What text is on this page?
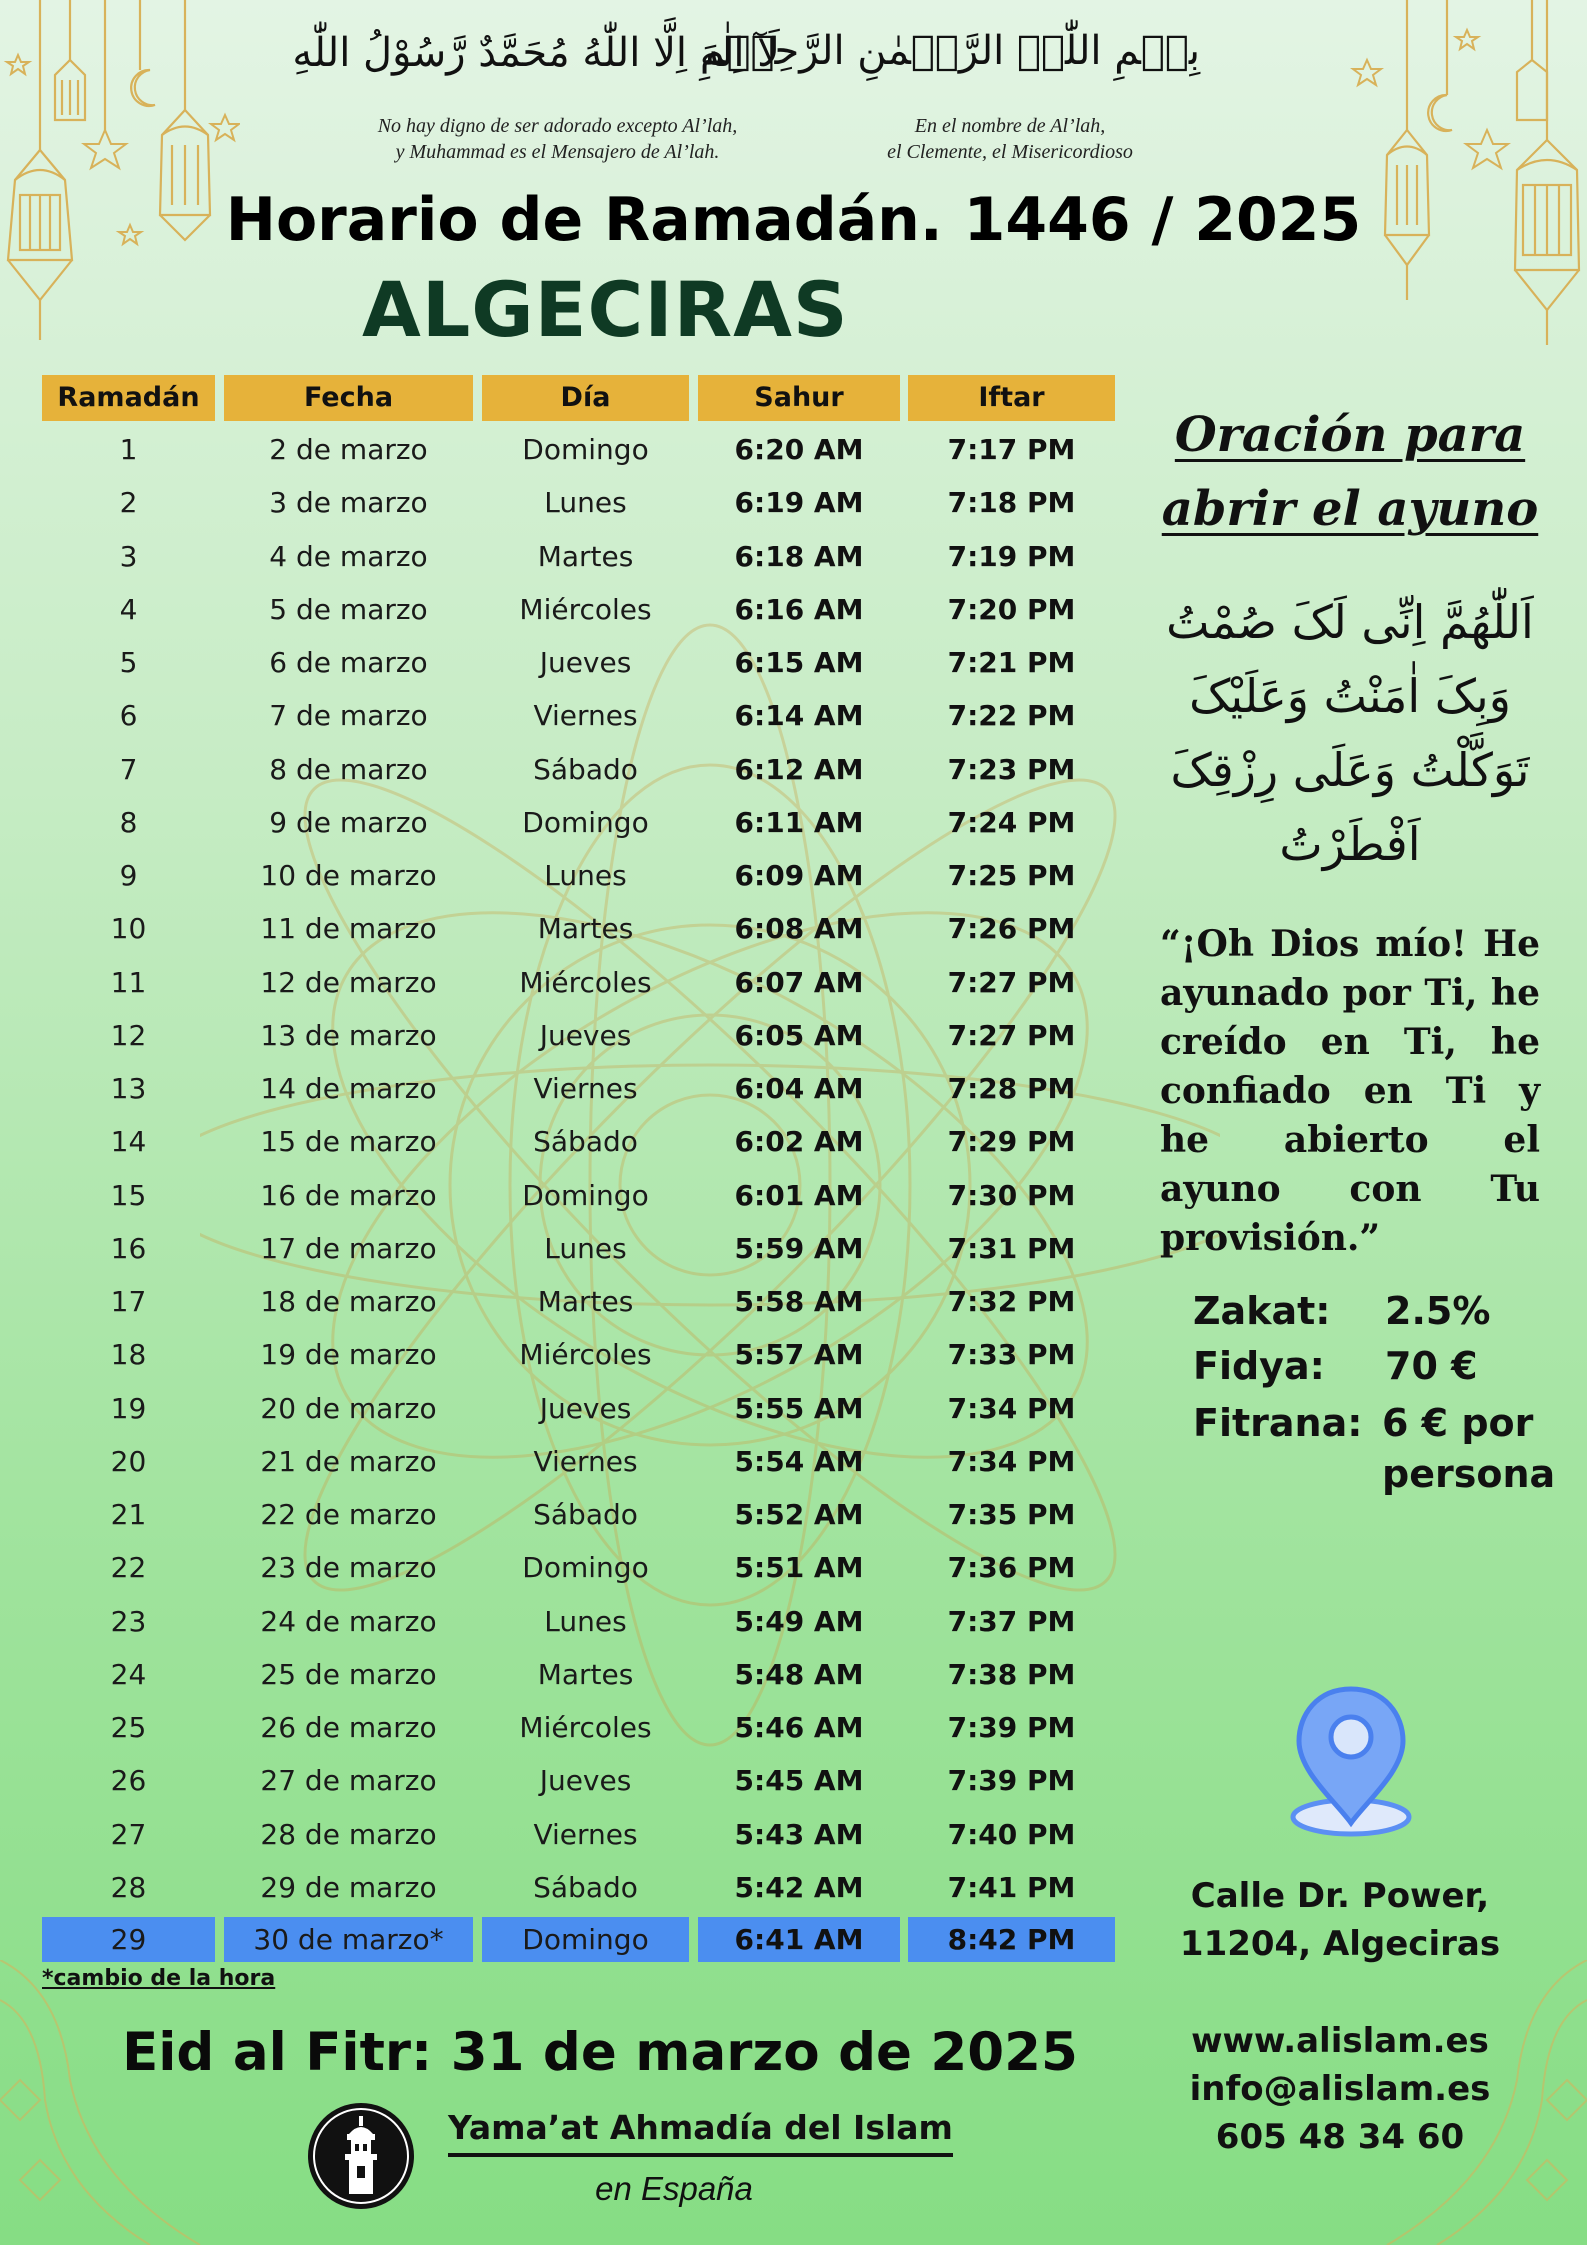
لَآ اِلٰهَ اِلَّا اللّٰهُ مُحَمَّدٌ رَّسُوْلُ اللّٰهِ
No hay digno de ser adorado excepto Al’lah,
y Muhammad es el Mensajero de Al’lah.
بِسۡمِ اللّٰہِ الرَّحۡمٰنِ الرَّحِیۡمِ
En el nombre de Al’lah,
el Clemente, el Misericordioso
Horario de Ramadán. 1446 / 2025
ALGECIRAS
Ramadán	Fecha	Día	Sahur	Iftar
1	2 de marzo	Domingo	6:20 AM	7:17 PM
2	3 de marzo	Lunes	6:19 AM	7:18 PM
3	4 de marzo	Martes	6:18 AM	7:19 PM
4	5 de marzo	Miércoles	6:16 AM	7:20 PM
5	6 de marzo	Jueves	6:15 AM	7:21 PM
6	7 de marzo	Viernes	6:14 AM	7:22 PM
7	8 de marzo	Sábado	6:12 AM	7:23 PM
8	9 de marzo	Domingo	6:11 AM	7:24 PM
9	10 de marzo	Lunes	6:09 AM	7:25 PM
10	11 de marzo	Martes	6:08 AM	7:26 PM
11	12 de marzo	Miércoles	6:07 AM	7:27 PM
12	13 de marzo	Jueves	6:05 AM	7:27 PM
13	14 de marzo	Viernes	6:04 AM	7:28 PM
14	15 de marzo	Sábado	6:02 AM	7:29 PM
15	16 de marzo	Domingo	6:01 AM	7:30 PM
16	17 de marzo	Lunes	5:59 AM	7:31 PM
17	18 de marzo	Martes	5:58 AM	7:32 PM
18	19 de marzo	Miércoles	5:57 AM	7:33 PM
19	20 de marzo	Jueves	5:55 AM	7:34 PM
20	21 de marzo	Viernes	5:54 AM	7:34 PM
21	22 de marzo	Sábado	5:52 AM	7:35 PM
22	23 de marzo	Domingo	5:51 AM	7:36 PM
23	24 de marzo	Lunes	5:49 AM	7:37 PM
24	25 de marzo	Martes	5:48 AM	7:38 PM
25	26 de marzo	Miércoles	5:46 AM	7:39 PM
26	27 de marzo	Jueves	5:45 AM	7:39 PM
27	28 de marzo	Viernes	5:43 AM	7:40 PM
28	29 de marzo	Sábado	5:42 AM	7:41 PM
29	30 de marzo*	Domingo	6:41 AM	8:42 PM
*cambio de la hora
Oración para
abrir el ayuno
اَللّٰھُمَّ اِنِّی لَکَ صُمْتُ
وَبِکَ اٰمَنْتُ وَعَلَیْکَ
تَوَکَّلْتُ وَعَلَی رِزْقِکَ
اَفْطَرْتُ
“¡Oh Dios mío! He ayunado por Ti, he creído en Ti, he confiado en Ti y he abierto el ayuno con Tu provisión.”
Zakat: 2.5%
Fidya: 70 €
Fitrana: 6 € por
persona
Calle Dr. Power,
11204, Algeciras
www.alislam.es
info@alislam.es
605 48 34 60
Eid al Fitr: 31 de marzo de 2025
Yama’at Ahmadía del Islam
en España
